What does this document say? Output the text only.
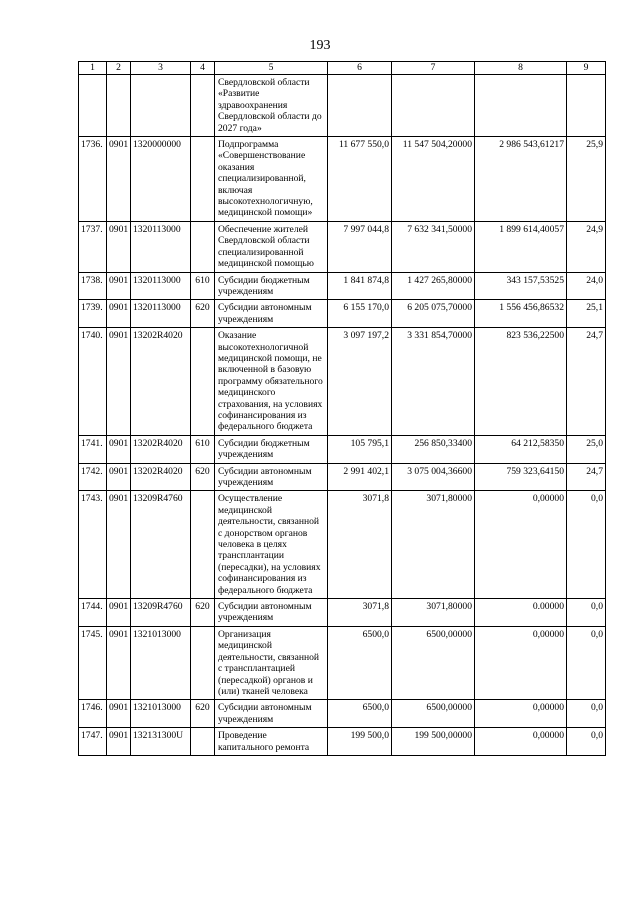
193
1	2	3	4	5	6	7	8	9
				Свердловской области «Развитие здравоохранения Свердловской области до 2027 года»				
1736.	0901	1320000000		Подпрограмма «Совершенствование оказания специализированной, включая высокотехнологичную, медицинской помощи»	11 677 550,0	11 547 504,20000	2 986 543,61217	25,9
1737.	0901	1320113000		Обеспечение жителей Свердловской области специализированной медицинской помощью	7 997 044,8	7 632 341,50000	1 899 614,40057	24,9
1738.	0901	1320113000	610	Субсидии бюджетным учреждениям	1 841 874,8	1 427 265,80000	343 157,53525	24,0
1739.	0901	1320113000	620	Субсидии автономным учреждениям	6 155 170,0	6 205 075,70000	1 556 456,86532	25,1
1740.	0901	13202R4020		Оказание высокотехнологичной медицинской помощи, не включенной в базовую программу обязательного медицинского страхования, на условиях софинансирования из федерального бюджета	3 097 197,2	3 331 854,70000	823 536,22500	24,7
1741.	0901	13202R4020	610	Субсидии бюджетным учреждениям	105 795,1	256 850,33400	64 212,58350	25,0
1742.	0901	13202R4020	620	Субсидии автономным учреждениям	2 991 402,1	3 075 004,36600	759 323,64150	24,7
1743.	0901	13209R4760		Осуществление медицинской деятельности, связанной с донорством органов человека в целях трансплантации (пересадки), на условиях софинансирования из федерального бюджета	3071,8	3071,80000	0,00000	0,0
1744.	0901	13209R4760	620	Субсидии автономным учреждениям	3071,8	3071,80000	0.00000	0,0
1745.	0901	1321013000		Организация медицинской деятельности, связанной с трансплантацией (пересадкой) органов и (или) тканей человека	6500,0	6500,00000	0,00000	0,0
1746.	0901	1321013000	620	Субсидии автономным учреждениям	6500,0	6500,00000	0,00000	0,0
1747.	0901	132131300U		Проведение капитального ремонта	199 500,0	199 500,00000	0,00000	0,0
